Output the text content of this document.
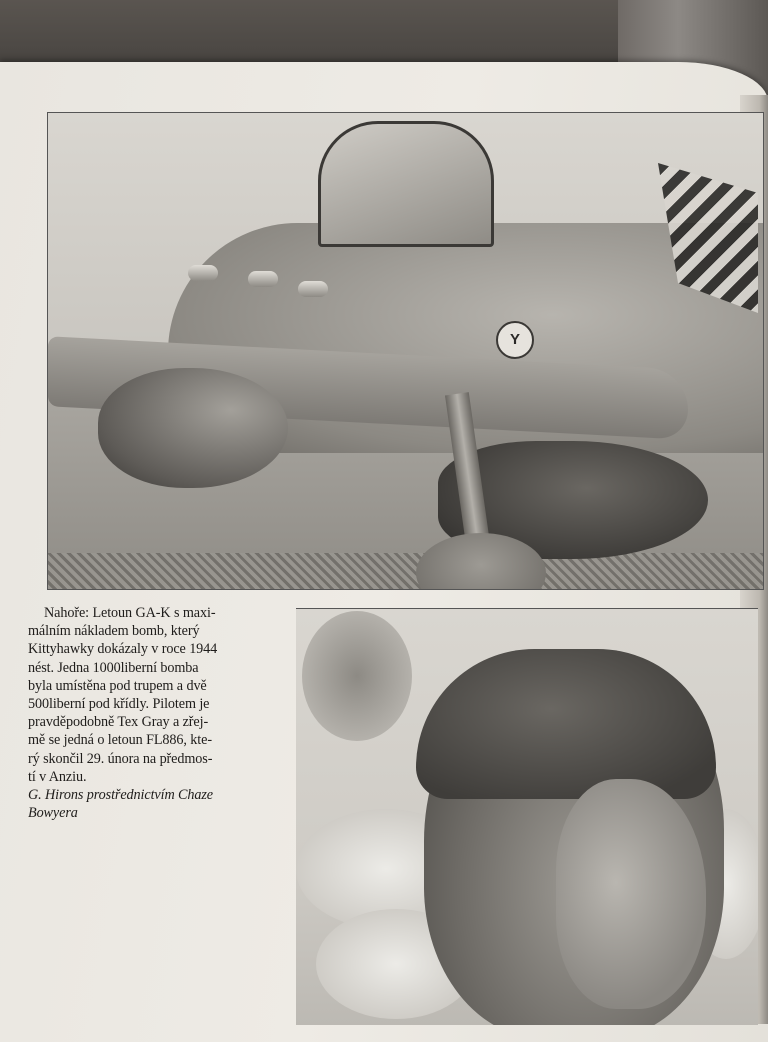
Y
Nahoře: Letoun GA-K s maxi-
málním nákladem bomb, který
Kittyhawky dokázaly v roce 1944
nést. Jedna 1000liberní bomba
byla umístěna pod trupem a dvě
500liberní pod křídly. Pilotem je
pravděpodobně Tex Gray a zřej-
mě se jedná o letoun FL886, kte-
rý skončil 29. února na předmos-
tí v Anziu.
G. Hirons prostřednictvím Chaze
Bowyera
